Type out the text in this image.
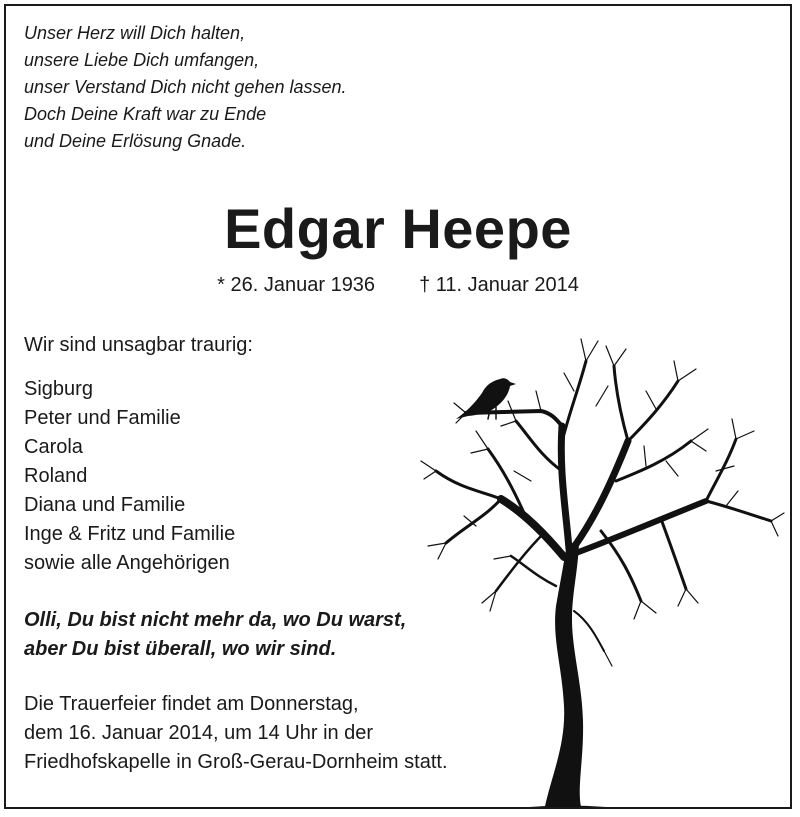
Unser Herz will Dich halten,
unsere Liebe Dich umfangen,
unser Verstand Dich nicht gehen lassen.
Doch Deine Kraft war zu Ende
und Deine Erlösung Gnade.
Edgar Heepe
* 26. Januar 1936 † 11. Januar 2014
Wir sind unsagbar traurig:
Sigburg
Peter und Familie
Carola
Roland
Diana und Familie
Inge & Fritz und Familie
sowie alle Angehörigen
Olli, Du bist nicht mehr da, wo Du warst,
aber Du bist überall, wo wir sind.
Die Trauerfeier findet am Donnerstag,
dem 16. Januar 2014, um 14 Uhr in der
Friedhofskapelle in Groß-Gerau-Dornheim statt.
